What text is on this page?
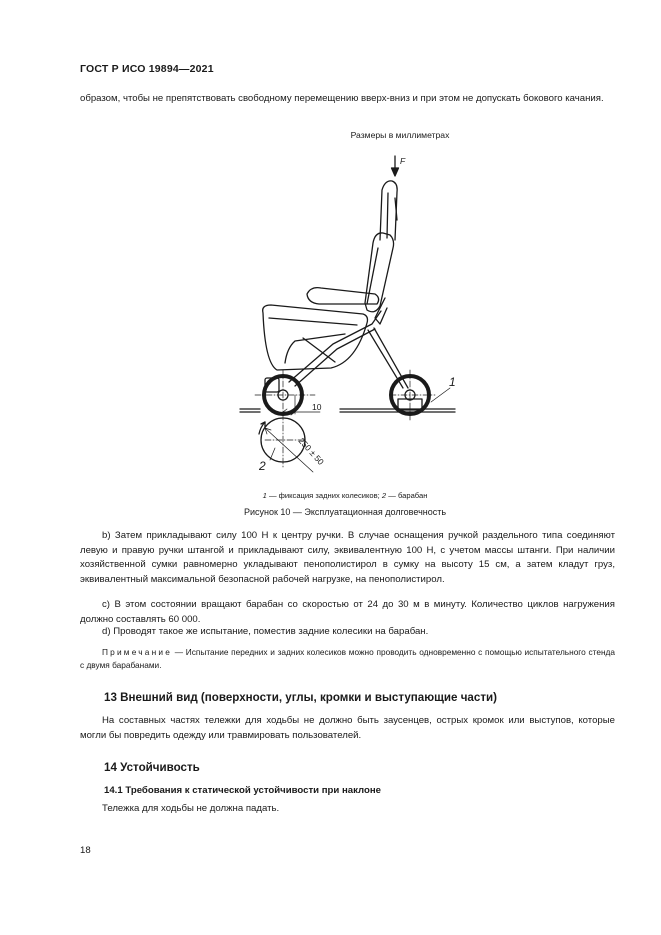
ГОСТ Р ИСО 19894—2021
образом, чтобы не препятствовать свободному перемещению вверх-вниз и при этом не допускать бокового качания.
Размеры в миллиметрах
F
10
250 ± 50
1
2
1 — фиксация задних колесиков; 2 — барабан
Рисунок 10 — Эксплуатационная долговечность
b) Затем прикладывают силу 100 Н к центру ручки. В случае оснащения ручкой раздельного типа соединяют левую и правую ручки штангой и прикладывают силу, эквивалентную 100 Н, с учетом массы штанги. При наличии хозяйственной сумки равномерно укладывают пенополистирол в сумку на высоту 15 см, а затем кладут груз, эквивалентный максимальной безопасной рабочей нагрузке, на пенополистирол.
c) В этом состоянии вращают барабан со скоростью от 24 до 30 м в минуту. Количество циклов нагружения должно составлять 60 000.
d) Проводят такое же испытание, поместив задние колесики на барабан.
Примечание — Испытание передних и задних колесиков можно проводить одновременно с помощью испытательного стенда с двумя барабанами.
13 Внешний вид (поверхности, углы, кромки и выступающие части)
На составных частях тележки для ходьбы не должно быть заусенцев, острых кромок или выступов, которые могли бы повредить одежду или травмировать пользователей.
14 Устойчивость
14.1 Требования к статической устойчивости при наклоне
Тележка для ходьбы не должна падать.
18
